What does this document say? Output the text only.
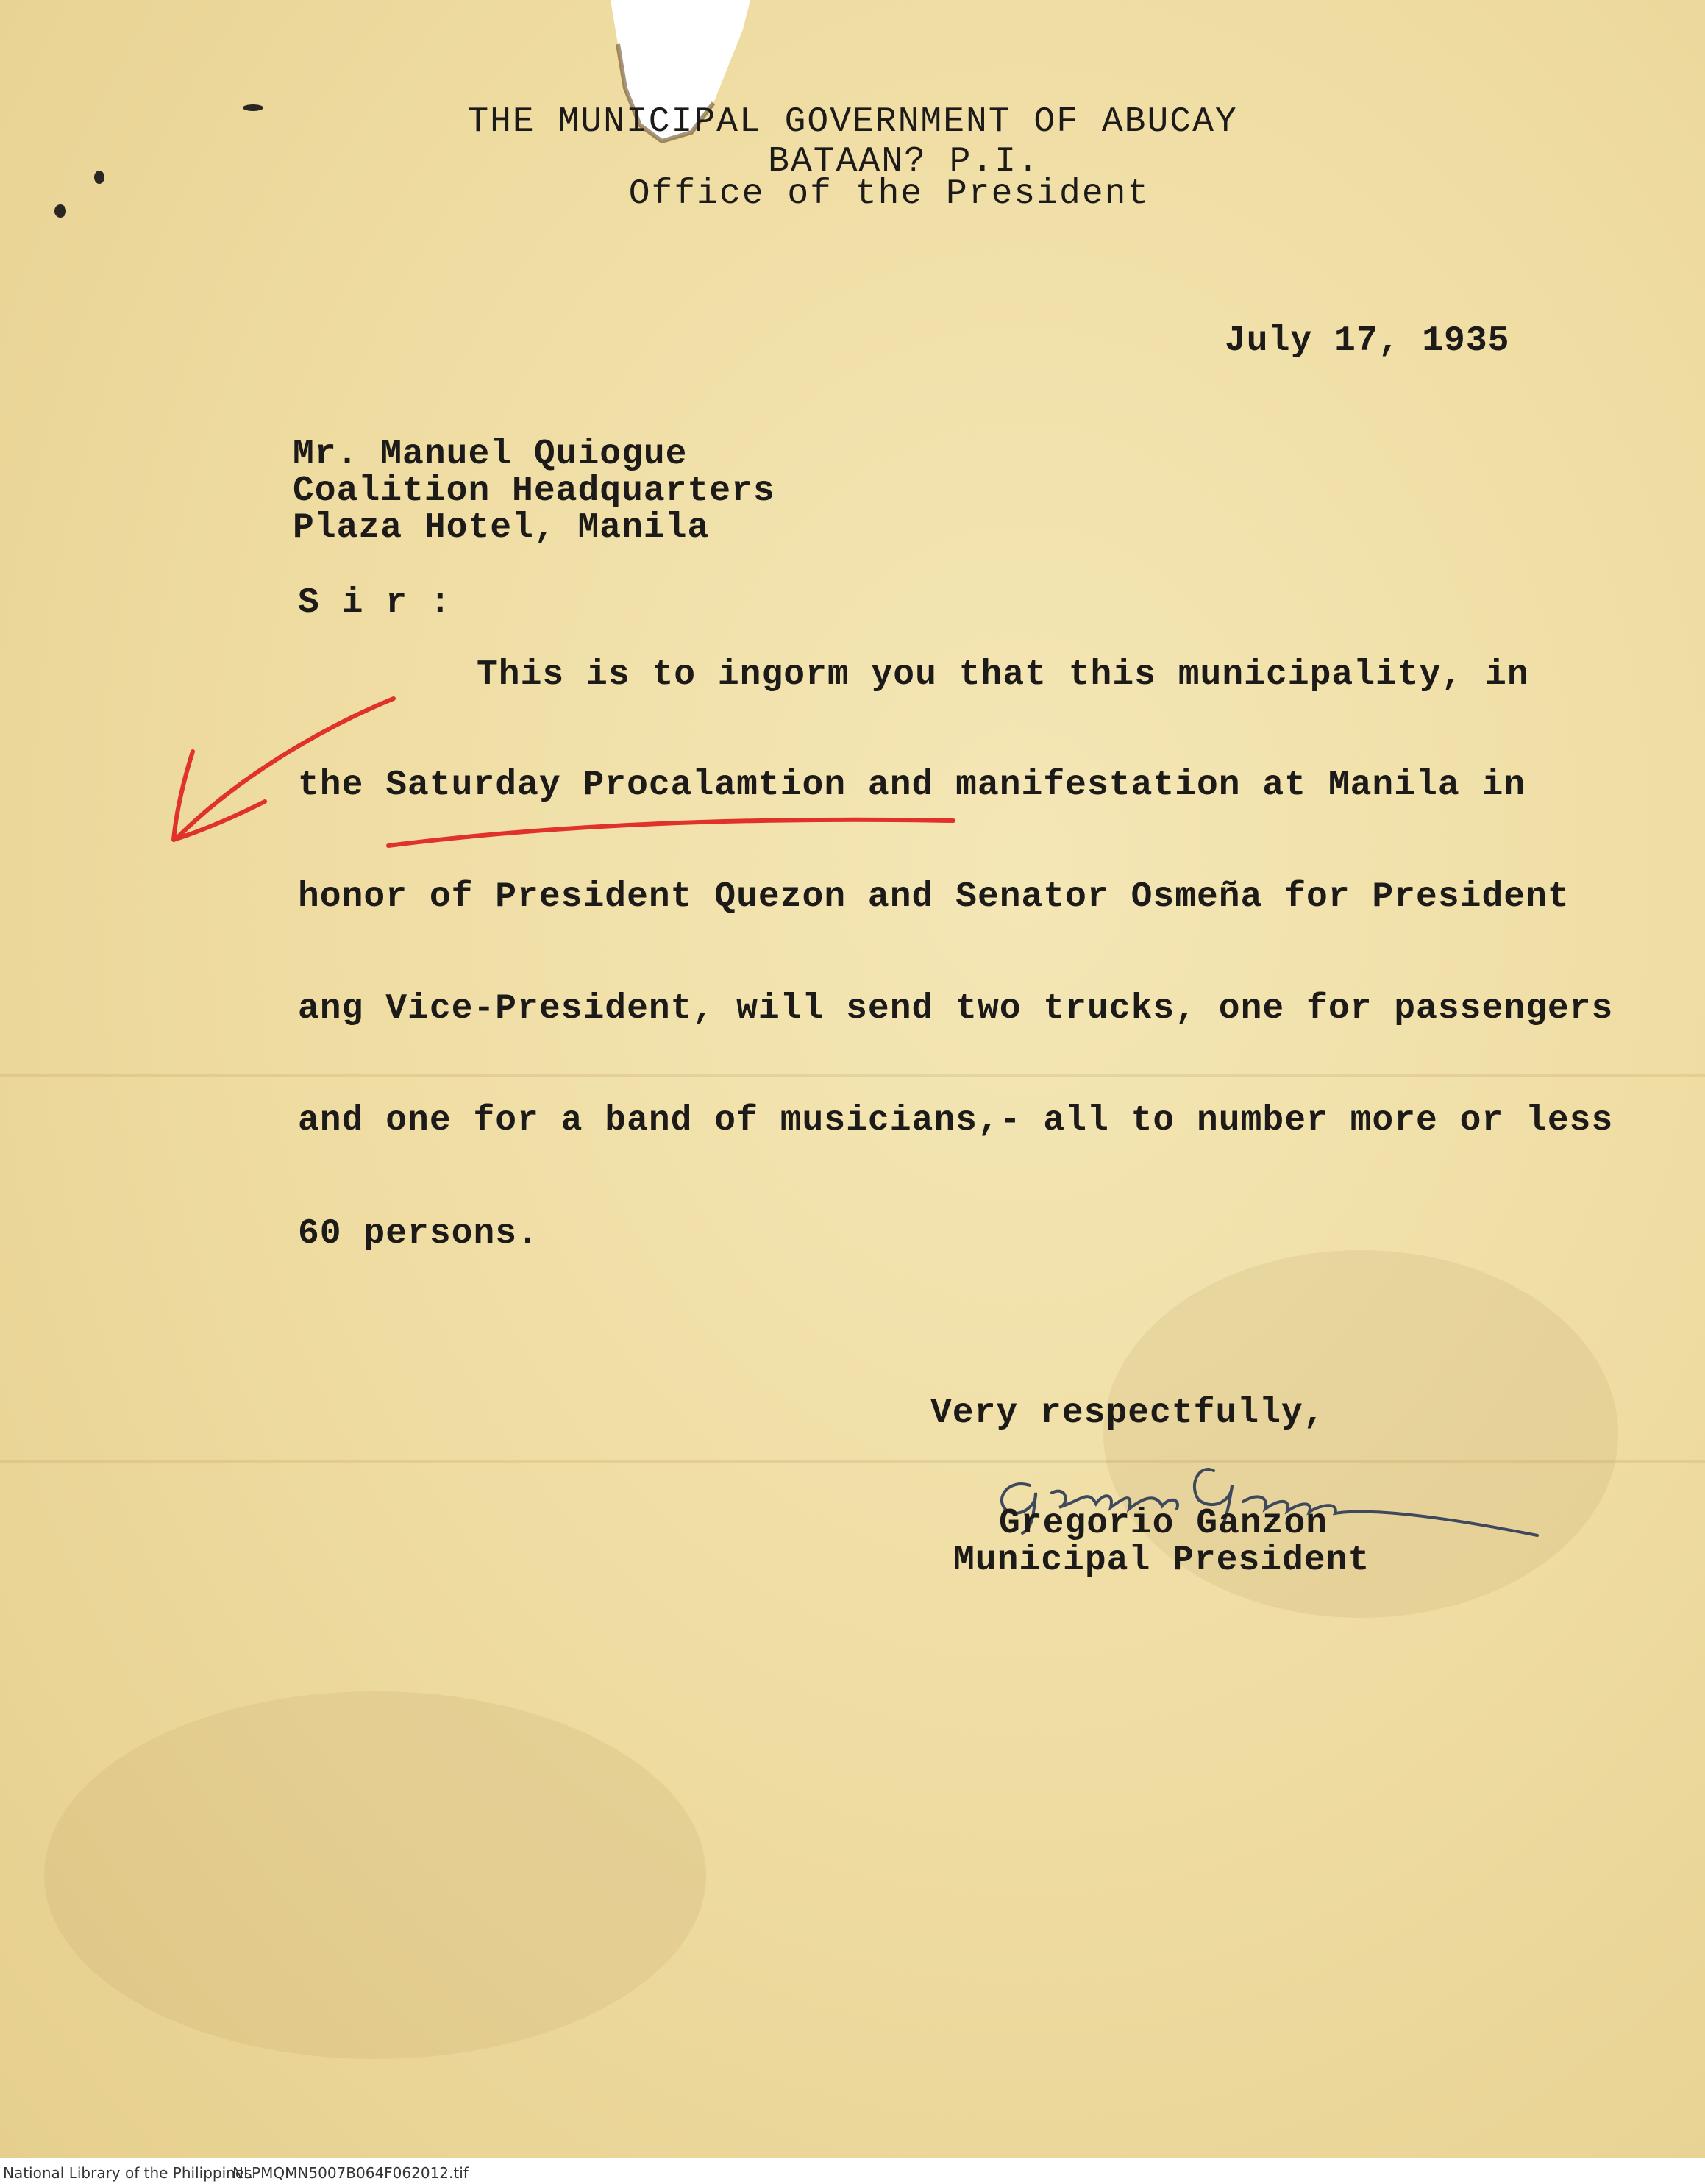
THE MUNICIPAL GOVERNMENT OF ABUCAY
BATAAN? P.I.
Office of the President
July 17, 1935
Mr. Manuel Quiogue
Coalition Headquarters
Plaza Hotel, Manila
S i r :
This is to ingorm you that this municipality, in
the Saturday Procalamtion and manifestation at Manila in
honor of President Quezon and Senator Osmeña for President
ang Vice-President, will send two trucks, one for passengers
and one for a band of musicians,- all to number more or less
60 persons.
Very respectfully,
Gregorio Ganzon
Municipal President
National Library of the Philippines
NLPMQMN5007B064F062012.tif
